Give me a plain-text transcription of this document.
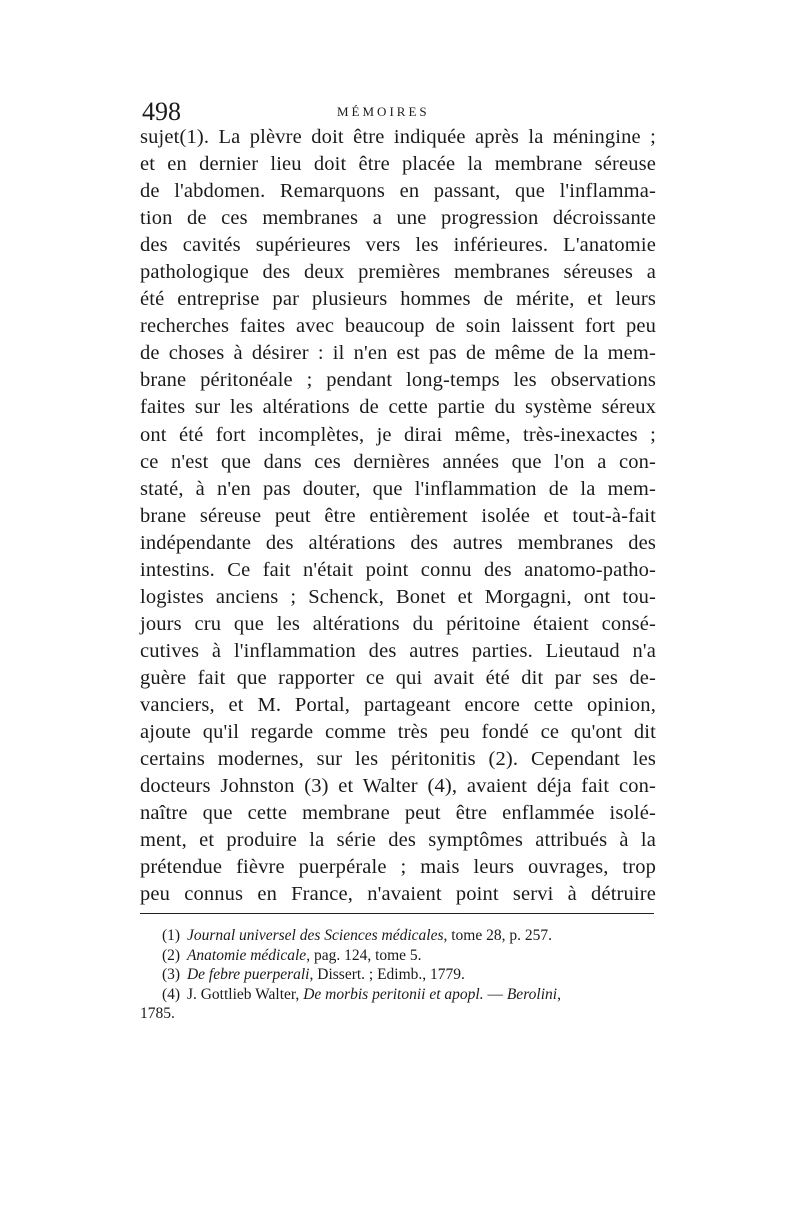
498	MÉMOIRES
sujet(1). La plèvre doit être indiquée après la méningine ;
et en dernier lieu doit être placée la membrane séreuse
de l'abdomen. Remarquons en passant, que l'inflamma-
tion de ces membranes a une progression décroissante
des cavités supérieures vers les inférieures. L'anatomie
pathologique des deux premières membranes séreuses a
été entreprise par plusieurs hommes de mérite, et leurs
recherches faites avec beaucoup de soin laissent fort peu
de choses à désirer : il n'en est pas de même de la mem-
brane péritonéale ; pendant long-temps les observations
faites sur les altérations de cette partie du système séreux
ont été fort incomplètes, je dirai même, très-inexactes ;
ce n'est que dans ces dernières années que l'on a con-
staté, à n'en pas douter, que l'inflammation de la mem-
brane séreuse peut être entièrement isolée et tout-à-fait
indépendante des altérations des autres membranes des
intestins. Ce fait n'était point connu des anatomo-patho-
logistes anciens ; Schenck, Bonet et Morgagni, ont tou-
jours cru que les altérations du péritoine étaient consé-
cutives à l'inflammation des autres parties. Lieutaud n'a
guère fait que rapporter ce qui avait été dit par ses de-
vanciers, et M. Portal, partageant encore cette opinion,
ajoute qu'il regarde comme très peu fondé ce qu'ont dit
certains modernes, sur les péritonitis (2). Cependant les
docteurs Johnston (3) et Walter (4), avaient déja fait con-
naître que cette membrane peut être enflammée isolé-
ment, et produire la série des symptômes attribués à la
prétendue fièvre puerpérale ; mais leurs ouvrages, trop
peu connus en France, n'avaient point servi à détruire
(1) Journal universel des Sciences médicales, tome 28, p. 257.
(2) Anatomie médicale, pag. 124, tome 5.
(3) De febre puerperali, Dissert. ; Edimb., 1779.
(4) J. Gottlieb Walter, De morbis peritonii et apopl. — Berolini,
1785.
